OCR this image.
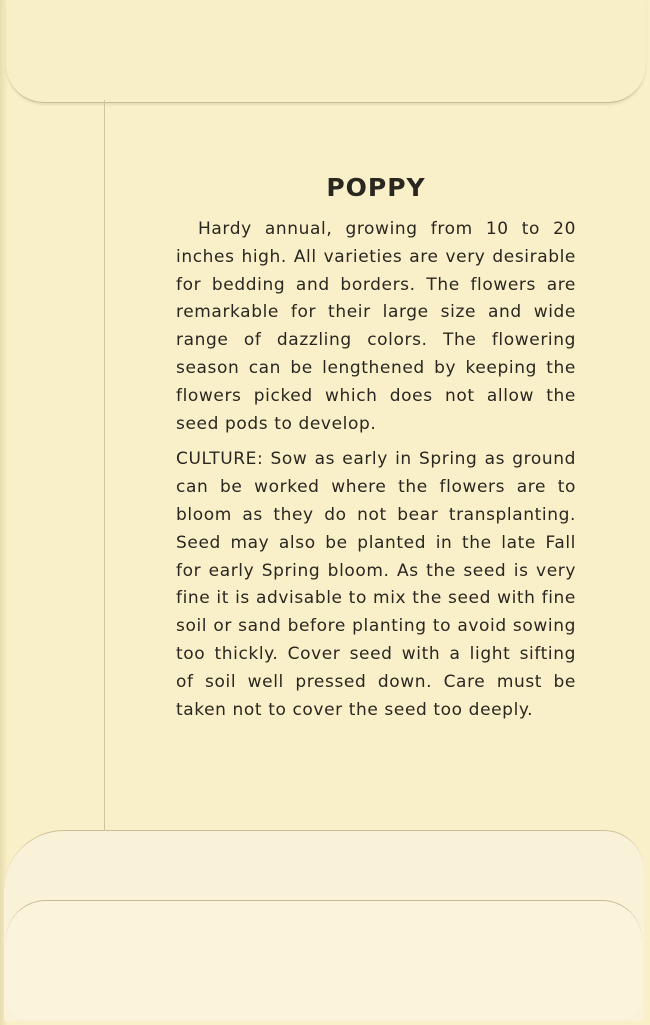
POPPY

Hardy annual, growing from 10 to 20 inches high. All varieties are very desirable for bedding and borders. The flowers are remarkable for their large size and wide range of dazzling colors. The flowering season can be lengthened by keeping the flowers picked which does not allow the seed pods to develop.

CULTURE: Sow as early in Spring as ground can be worked where the flowers are to bloom as they do not bear transplanting. Seed may also be planted in the late Fall for early Spring bloom. As the seed is very fine it is advisable to mix the seed with fine soil or sand before planting to avoid sowing too thickly. Cover seed with a light sifting of soil well pressed down. Care must be taken not to cover the seed too deeply.
